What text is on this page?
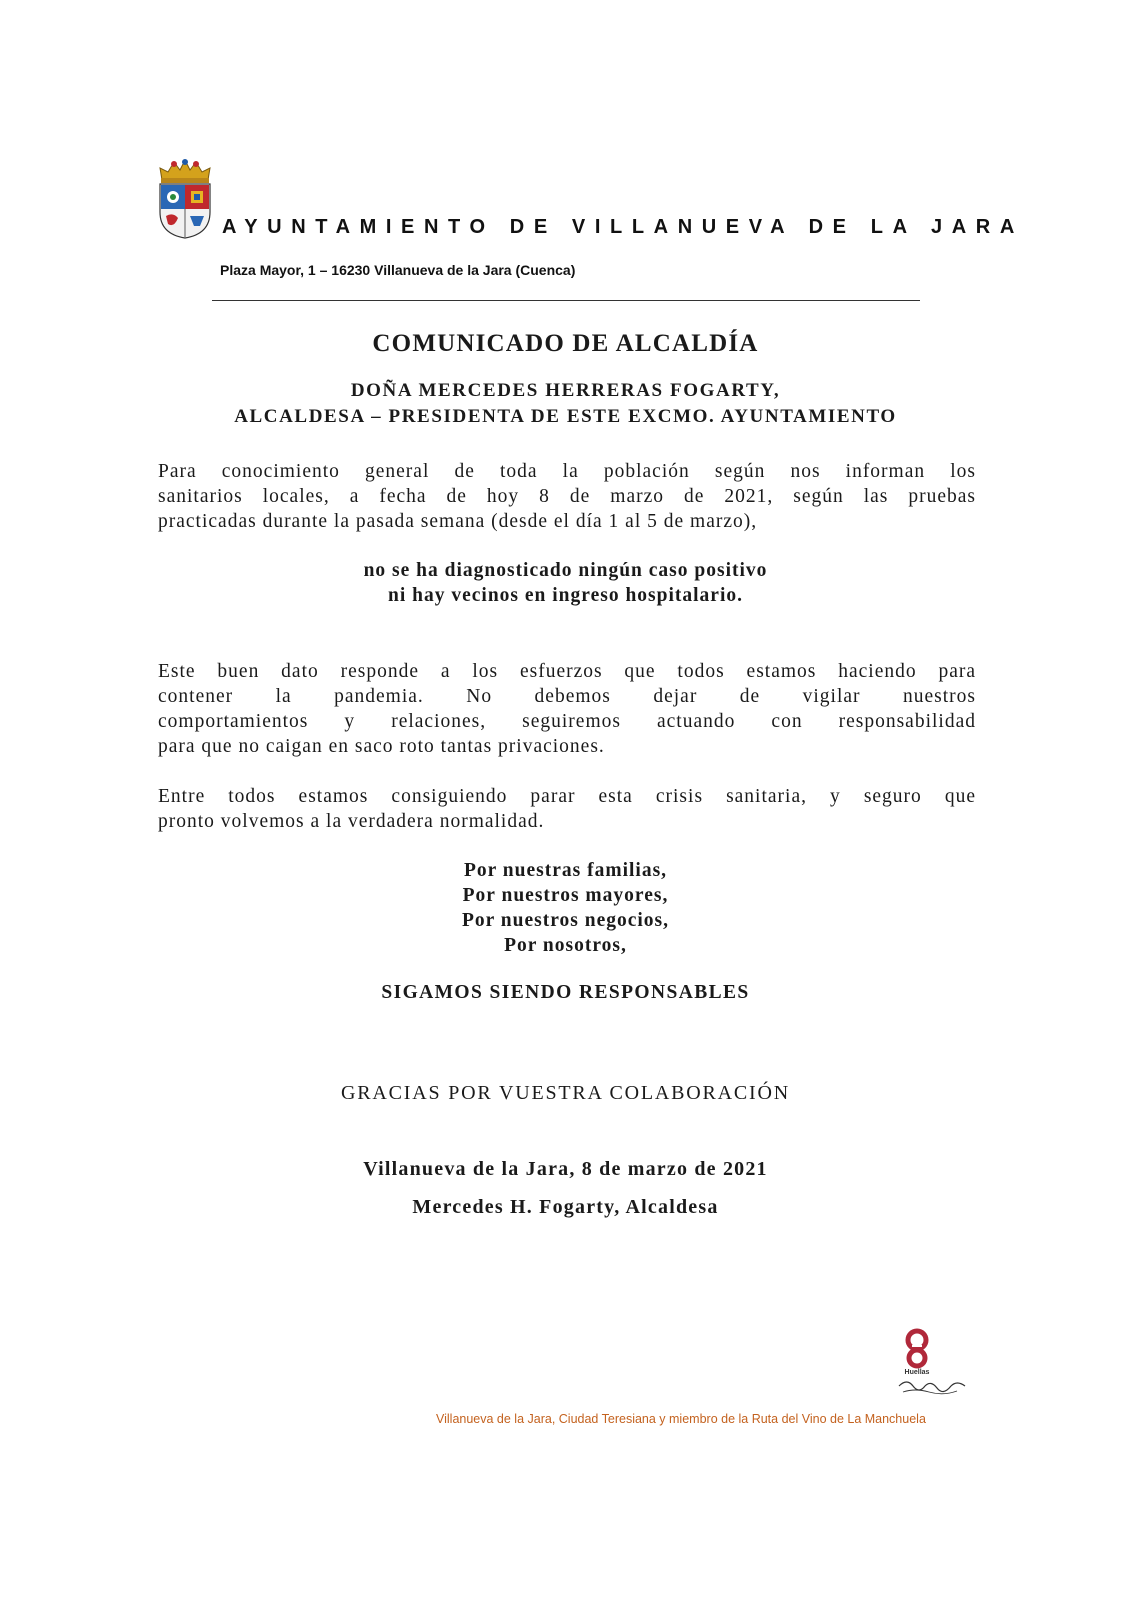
AYUNTAMIENTO DE VILLANUEVA DE LA JARA
Plaza Mayor, 1 – 16230 Villanueva de la Jara (Cuenca)
COMUNICADO DE ALCALDÍA
DOÑA MERCEDES HERRERAS FOGARTY,
ALCALDESA – PRESIDENTA DE ESTE EXCMO. AYUNTAMIENTO
Para conocimiento general de toda la población según nos informan los
sanitarios locales, a fecha de hoy 8 de marzo de 2021, según las pruebas
practicadas durante la pasada semana (desde el día 1 al 5 de marzo),
no se ha diagnosticado ningún caso positivo
ni hay vecinos en ingreso hospitalario.
Este buen dato responde a los esfuerzos que todos estamos haciendo para
contener la pandemia. No debemos dejar de vigilar nuestros
comportamientos y relaciones, seguiremos actuando con responsabilidad
para que no caigan en saco roto tantas privaciones.
Entre todos estamos consiguiendo parar esta crisis sanitaria, y seguro que
pronto volvemos a la verdadera normalidad.
Por nuestras familias,
Por nuestros mayores,
Por nuestros negocios,
Por nosotros,
SIGAMOS SIENDO RESPONSABLES
GRACIAS POR VUESTRA COLABORACIÓN
Villanueva de la Jara, 8 de marzo de 2021
Mercedes H. Fogarty, Alcaldesa
Huellas
Villanueva de la Jara, Ciudad Teresiana y miembro de la Ruta del Vino de La Manchuela
